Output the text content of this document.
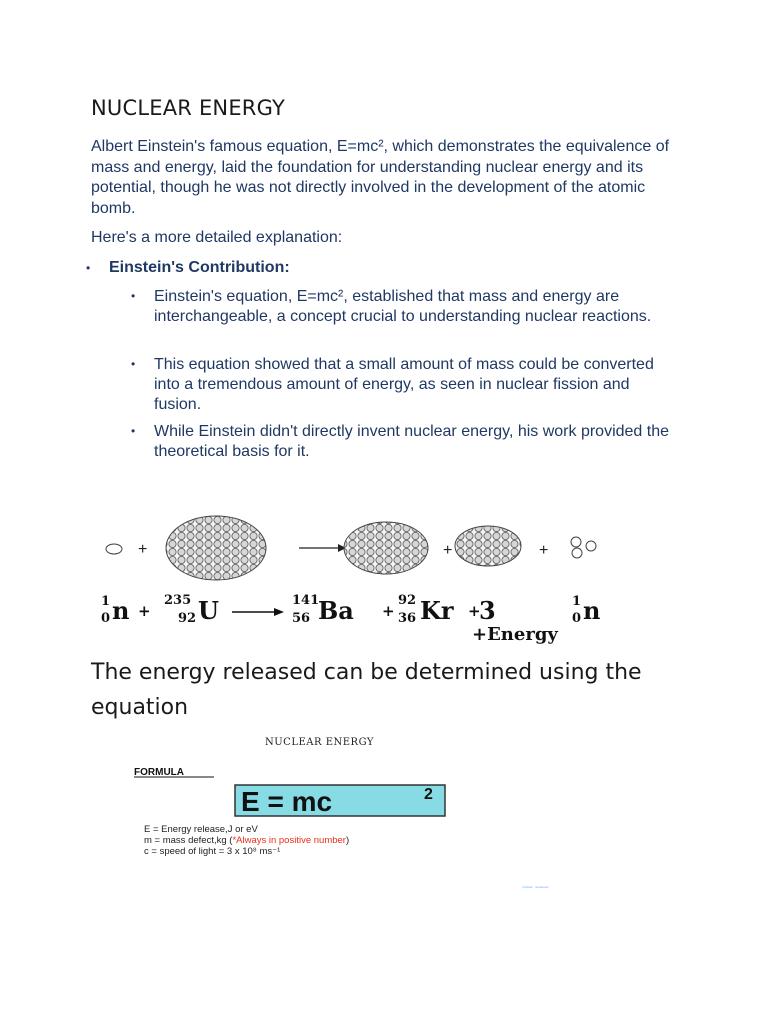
NUCLEAR ENERGY

Albert Einstein's famous equation, E=mc², which demonstrates the equivalence of mass and energy, laid the foundation for understanding nuclear energy and its potential, though he was not directly involved in the development of the atomic bomb.

Here's a more detailed explanation:

• Einstein's Contribution:
• Einstein's equation, E=mc², established that mass and energy are interchangeable, a concept crucial to understanding nuclear reactions.
• This equation showed that a small amount of mass could be converted into a tremendous amount of energy, as seen in nuclear fission and fusion.
• While Einstein didn't directly invent nuclear energy, his work provided the theoretical basis for it.
+	+	+
1
0 n +
235
92 U	141
56 Ba +
92
36 Kr +
3	1
0 n
+Energy
The energy released can be determined using the equation
NUCLEAR ENERGY
FORMULA
E = mc	2
E = Energy release,J or eV
m = mass defect,kg (*Always in positive number)
c = speed of light = 3 x 10⁸ ms⁻¹
mybuild · nuclearem
